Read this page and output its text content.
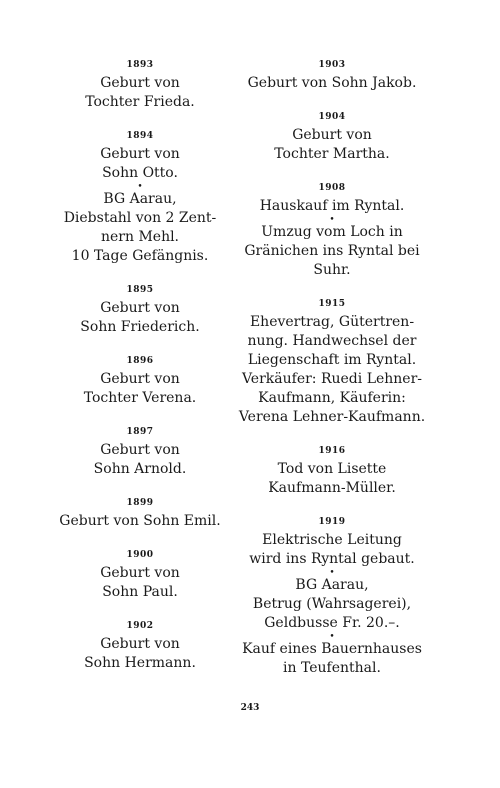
1893
Geburt von
Tochter Frieda.
1894
Geburt von
Sohn Otto.
•
BG Aarau,
Diebstahl von 2 Zent-
nern Mehl.
10 Tage Gefängnis.
1895
Geburt von
Sohn Friederich.
1896
Geburt von
Tochter Verena.
1897
Geburt von
Sohn Arnold.
1899
Geburt von Sohn Emil.
1900
Geburt von
Sohn Paul.
1902
Geburt von
Sohn Hermann.
1903
Geburt von Sohn Jakob.
1904
Geburt von
Tochter Martha.
1908
Hauskauf im Ryntal.
•
Umzug vom Loch in
Gränichen ins Ryntal bei
Suhr.
1915
Ehevertrag, Gütertren-
nung. Handwechsel der
Liegenschaft im Ryntal.
Verkäufer: Ruedi Lehner-
Kaufmann, Käuferin:
Verena Lehner-Kaufmann.
1916
Tod von Lisette
Kaufmann-Müller.
1919
Elektrische Leitung
wird ins Ryntal gebaut.
•
BG Aarau,
Betrug (Wahrsagerei),
Geldbusse Fr. 20.–.
•
Kauf eines Bauernhauses
in Teufenthal.
243
